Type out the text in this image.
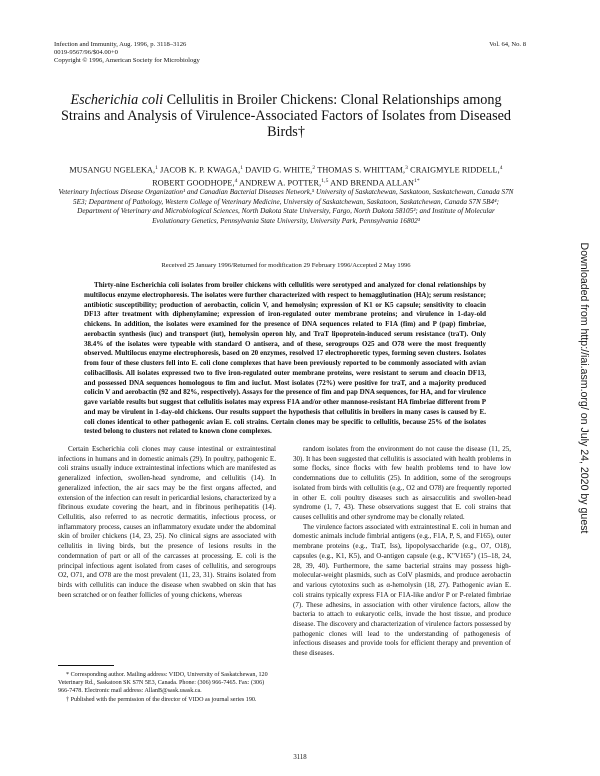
Infection and Immunity, Aug. 1996, p. 3118–3126
0019-9567/96/$04.00+0
Copyright © 1996, American Society for Microbiology
Vol. 64, No. 8
Escherichia coli Cellulitis in Broiler Chickens: Clonal Relationships among Strains and Analysis of Virulence-Associated Factors of Isolates from Diseased Birds†
MUSANGU NGELEKA,$^1$ JACOB K. P. KWAGA,$^1$ DAVID G. WHITE,$^2$ THOMAS S. WHITTAM,$^3$ CRAIGMYLE RIDDELL,$^4$ ROBERT GOODHOPE,$^4$ ANDREW A. POTTER,$^{1,5}$ AND BRENDA $ALLAN^{1*}$
Veterinary Infectious Disease Organization¹ and Canadian Bacterial Diseases Network,⁵ University of Saskatchewan, Saskatoon, Saskatchewan, Canada S7N 5E3; Department of Pathology, Western College of Veterinary Medicine, University of Saskatchewan, Saskatoon, Saskatchewan, Canada S7N 5B4⁴; Department of Veterinary and Microbiological Sciences, North Dakota State University, Fargo, North Dakota 58105²; and Institute of Molecular Evolutionary Genetics, Pennsylvania State University, University Park, Pennsylvania 16802³
Received 25 January 1996/Returned for modification 29 February 1996/Accepted 2 May 1996

Thirty-nine Escherichia coli isolates from broiler chickens with cellulitis were serotyped and analyzed for clonal relationships by multilocus enzyme electrophoresis. The isolates were further characterized with respect to hemagglutination (HA); serum resistance; antibiotic susceptibility; production of aerobactin, colicin V, and hemolysin; expression of K1 or K5 capsule; sensitivity to cloacin DF13 after treatment with diphenylamine; expression of iron-regulated outer membrane proteins; and virulence in 1-day-old chickens. In addition, the isolates were examined for the presence of DNA sequences related to F1A (fim) and P (pap) fimbriae, aerobactin synthesis (iuc) and transport (iut), hemolysin operon hly, and TraT lipoprotein-induced serum resistance (traT). Only 38.4% of the isolates were typeable with standard O antisera, and of these, serogroups O25 and O78 were the most frequently observed. Multilocus enzyme electrophoresis, based on 20 enzymes, resolved 17 electrophoretic types, forming seven clusters. Isolates from four of these clusters fell into E. coli clone complexes that have been previously reported to be commonly associated with avian colibacillosis. All isolates expressed two to five iron-regulated outer membrane proteins, were resistant to serum and cloacin DF13, and possessed DNA sequences homologous to fim and iucIut. Most isolates (72%) were positive for traT, and a majority produced colicin V and aerobactin (92 and 82%, respectively). Assays for the presence of fim and pap DNA sequences, for HA, and for virulence gave variable results but suggest that cellulitis isolates may express F1A and/or other mannose-resistant HA fimbriae different from P and may be virulent in 1-day-old chickens. Our results support the hypothesis that cellulitis in broilers in many cases is caused by E. coli clones identical to other pathogenic avian E. coli strains. Certain clones may be specific to cellulitis, because 25% of the isolates tested belong to clusters not related to known clone complexes.

Certain Escherichia coli clones may cause intestinal or extraintestinal infections in humans and in domestic animals (29). In poultry, pathogenic E. coli strains usually induce extraintestinal infections which are manifested as generalized infection, swollen-head syndrome, and cellulitis (14). In generalized infection, the air sacs may be the first organs affected, and extension of the infection can result in pericardial lesions, characterized by a fibrinous exudate covering the heart, and in fibrinous perihepatitis (14). Cellulitis, also referred to as necrotic dermatitis, infectious process, or inflammatory process, causes an inflammatory exudate under the abdominal skin of broiler chickens (14, 23, 25). No clinical signs are associated with cellulitis in living birds, but the presence of lesions results in the condemnation of part or all of the carcasses at processing. E. coli is the principal infectious agent isolated from cases of cellulitis, and serogroups O2, O71, and O78 are the most prevalent (11, 23, 31). Strains isolated from birds with cellulitis can induce the disease when swabbed on skin that has been scratched or on feather follicles of young chickens, whereas

random isolates from the environment do not cause the disease (11, 25, 30). It has been suggested that cellulitis is associated with health problems in some flocks, since flocks with few health problems tend to have low condemnations due to cellulitis (25). In addition, some of the serogroups isolated from birds with cellulitis (e.g., O2 and O78) are frequently reported in other E. coli poultry diseases such as airsacculitis and swollen-head syndrome (1, 7, 43). These observations suggest that E. coli strains that causes cellulitis and other syndrome may be clonally related.

The virulence factors associated with extraintestinal E. coli in human and domestic animals include fimbrial antigens (e.g., F1A, P, S, and F165), outer membrane proteins (e.g., TraT, Iss), lipopolysaccharide (e.g., O7, O18), capsules (e.g., K1, K5), and O-antigen capsule (e.g., K"V165") (15–18, 24, 28, 39, 40). Furthermore, the same bacterial strains may possess high-molecular-weight plasmids, such as ColV plasmids, and produce aerobactin and various cytotoxins such as α-hemolysin (18, 27). Pathogenic avian E. coli strains typically express F1A or F1A-like and/or P or P-related fimbriae (7). These adhesins, in association with other virulence factors, allow the bacteria to attach to eukaryotic cells, invade the host tissue, and produce disease. The discovery and characterization of virulence factors possessed by pathogenic clones will lead to the understanding of pathogenesis of infectious diseases and provide tools for efficient therapy and prevention of these diseases.

* Corresponding author. Mailing address: VIDO, University of Saskatchewan, 120 Veterinary Rd., Saskatoon SK S7N 5E3, Canada. Phone: (306) 966-7465. Fax: (306) 966-7478. Electronic mail address: AllanB@sask.usask.ca.

† Published with the permission of the director of VIDO as journal series 190.

3118
Downloaded from http://iai.asm.org/ on July 24, 2020 by guest
